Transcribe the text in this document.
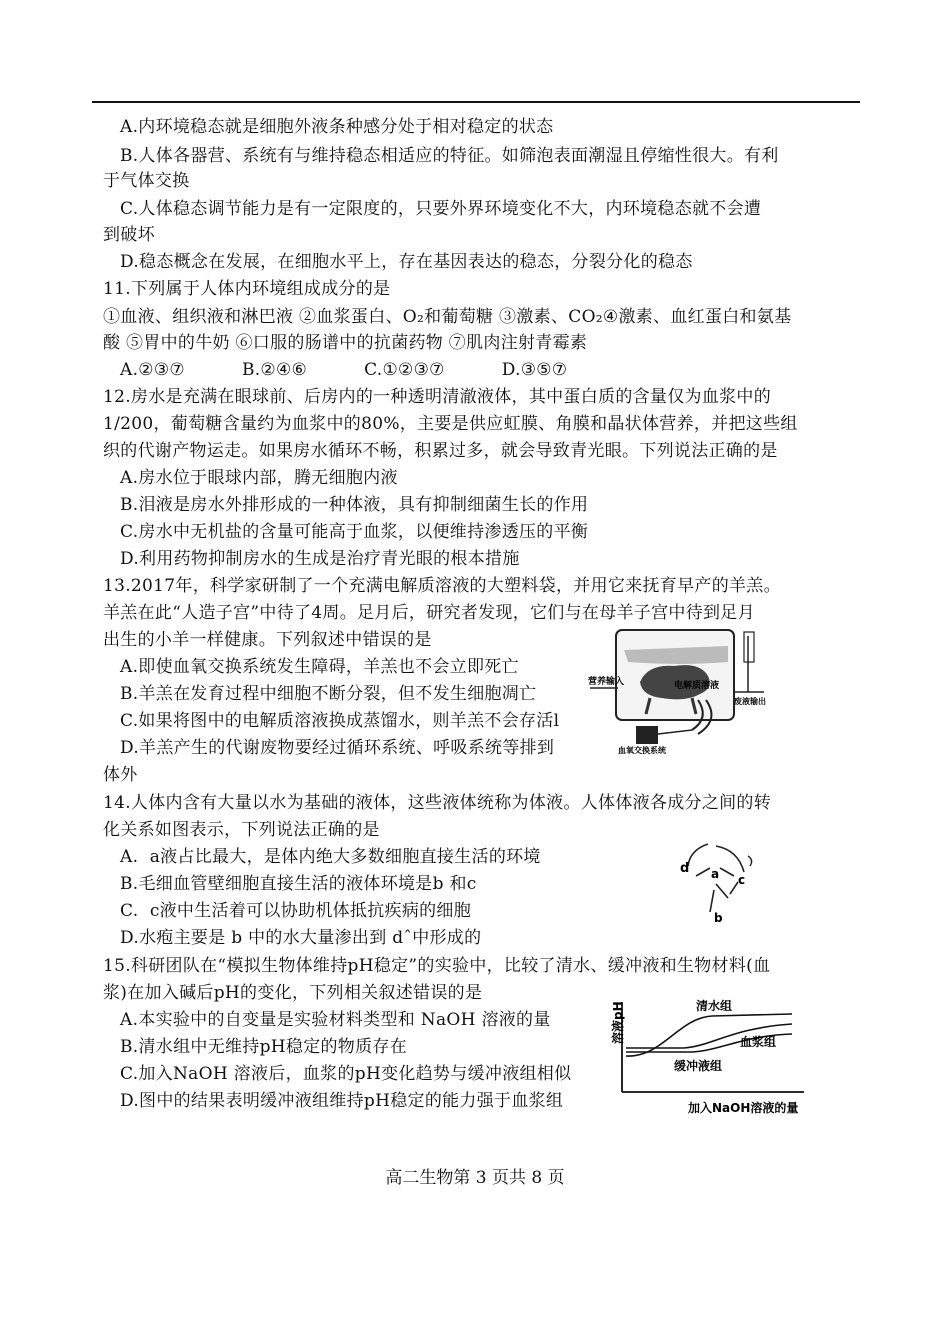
A.内环境稳态就是细胞外液条种感分处于相对稳定的状态
B.人体各器营、系统有与维持稳态相适应的特征。如筛泡表面潮湿且停缩性很大。有利
于气体交换
C.人体稳态调节能力是有一定限度的，只要外界环境变化不大，内环境稳态就不会遭
到破坏
D.稳态概念在发展，在细胞水平上，存在基因表达的稳态，分裂分化的稳态
11.下列属于人体内环境组成成分的是
①血液、组织液和淋巴液 ②血浆蛋白、O₂和葡萄糖 ③激素、CO₂④激素、血红蛋白和氨基
酸 ⑤胃中的牛奶 ⑥口服的肠谱中的抗菌药物 ⑦肌肉注射青霉素
A.②③⑦          B.②④⑥          C.①②③⑦          D.③⑤⑦
12.房水是充满在眼球前、后房内的一种透明清澈液体，其中蛋白质的含量仅为血浆中的
1/200，葡萄糖含量约为血浆中的80%，主要是供应虹膜、角膜和晶状体营养，并把这些组
织的代谢产物运走。如果房水循环不畅，积累过多，就会导致青光眼。下列说法正确的是
A.房水位于眼球内部，腾无细胞内液
B.泪液是房水外排形成的一种体液，具有抑制细菌生长的作用
C.房水中无机盐的含量可能高于血浆，以便维持渗透压的平衡
D.利用药物抑制房水的生成是治疗青光眼的根本措施
13.2017年，科学家研制了一个充满电解质溶液的大塑料袋，并用它来抚育早产的羊羔。
羊羔在此“人造子宫”中待了4周。足月后，研究者发现，它们与在母羊子宫中待到足月
出生的小羊一样健康。下列叙述中错误的是
A.即使血氧交换系统发生障碍，羊羔也不会立即死亡
B.羊羔在发育过程中细胞不断分裂，但不发生细胞凋亡
C.如果将图中的电解质溶液换成蒸馏水，则羊羔不会存活l
D.羊羔产生的代谢废物要经过循环系统、呼吸系统等排到
体外
14.人体内含有大量以水为基础的液体，这些液体统称为体液。人体体液各成分之间的转
化关系如图表示，下列说法正确的是
A.  a液占比最大，是体内绝大多数细胞直接生活的环境
B.毛细血管壁细胞直接生活的液体环境是b 和c
C.  c液中生活着可以协助机体抵抗疾病的细胞
D.水疱主要是 b 中的水大量渗出到 dˆ中形成的
15.科研团队在“模拟生物体维持pH稳定”的实验中，比较了清水、缓冲液和生物材料(血
浆)在加入碱后pH的变化，下列相关叙述错误的是
A.本实验中的自变量是实验材料类型和 NaOH 溶液的量
B.清水组中无维持pH稳定的物质存在
C.加入NaOH 溶液后，血浆的pH变化趋势与缓冲液组相似
D.图中的结果表明缓冲液组维持pH稳定的能力强于血浆组
营养输入	电解质溶液
废液输出
血氧交换系统
d a c
b
溶液pH	清水组
血浆组
缓冲液组
加入NaOH溶液的量
高二生物第 3 页共 8 页
